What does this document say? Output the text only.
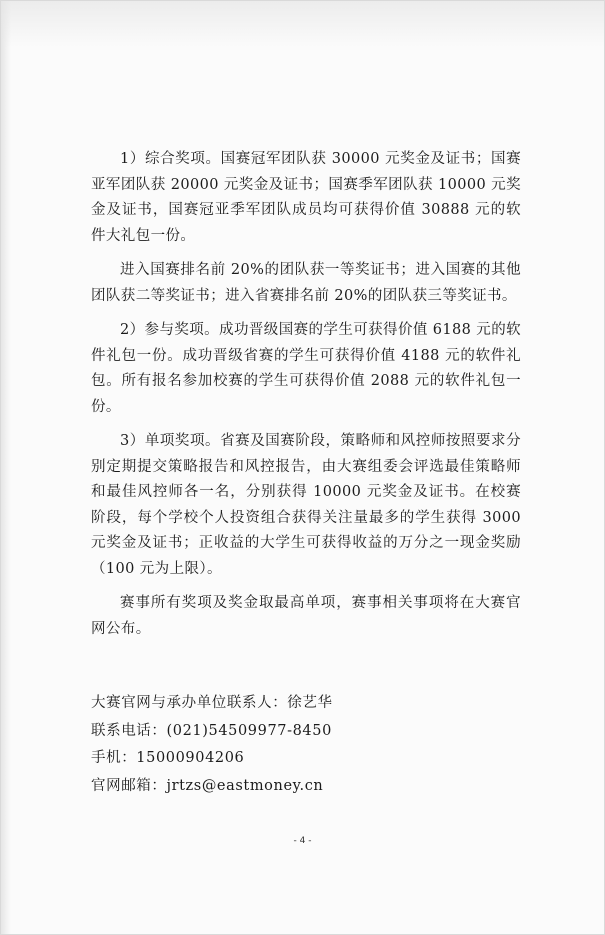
1）综合奖项。国赛冠军团队获 30000 元奖金及证书；国赛亚军团队获 20000 元奖金及证书；国赛季军团队获 10000 元奖金及证书，国赛冠亚季军团队成员均可获得价值 30888 元的软件大礼包一份。

进入国赛排名前 20%的团队获一等奖证书；进入国赛的其他团队获二等奖证书；进入省赛排名前 20%的团队获三等奖证书。

2）参与奖项。成功晋级国赛的学生可获得价值 6188 元的软件礼包一份。成功晋级省赛的学生可获得价值 4188 元的软件礼包。所有报名参加校赛的学生可获得价值 2088 元的软件礼包一份。

3）单项奖项。省赛及国赛阶段，策略师和风控师按照要求分别定期提交策略报告和风控报告，由大赛组委会评选最佳策略师和最佳风控师各一名，分别获得 10000 元奖金及证书。在校赛阶段，每个学校个人投资组合获得关注量最多的学生获得 3000 元奖金及证书；正收益的大学生可获得收益的万分之一现金奖励（100 元为上限）。

赛事所有奖项及奖金取最高单项，赛事相关事项将在大赛官网公布。

大赛官网与承办单位联系人：徐艺华

联系电话：(021)54509977-8450

手机：15000904206

官网邮箱：jrtzs@eastmoney.cn

- 4 -
